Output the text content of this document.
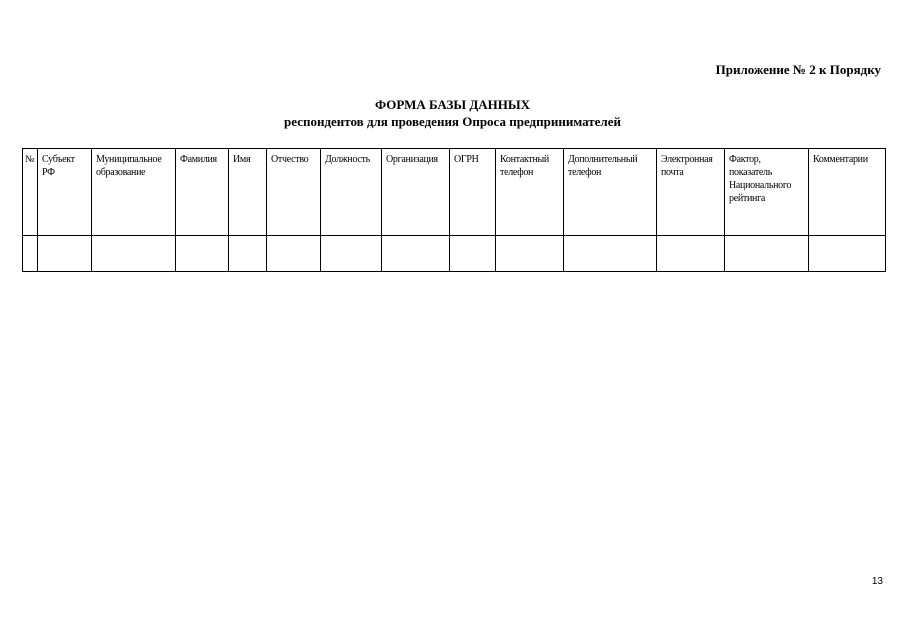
Приложение № 2 к Порядку
ФОРМА БАЗЫ ДАННЫХ
респондентов для проведения Опроса предпринимателей
№	Субъект РФ	Муниципальное образование	Фамилия	Имя	Отчество	Должность	Организация	ОГРН	Контактный телефон	Дополнительный телефон	Электронная почта	Фактор, показатель Национального рейтинга	Комментарии

13
